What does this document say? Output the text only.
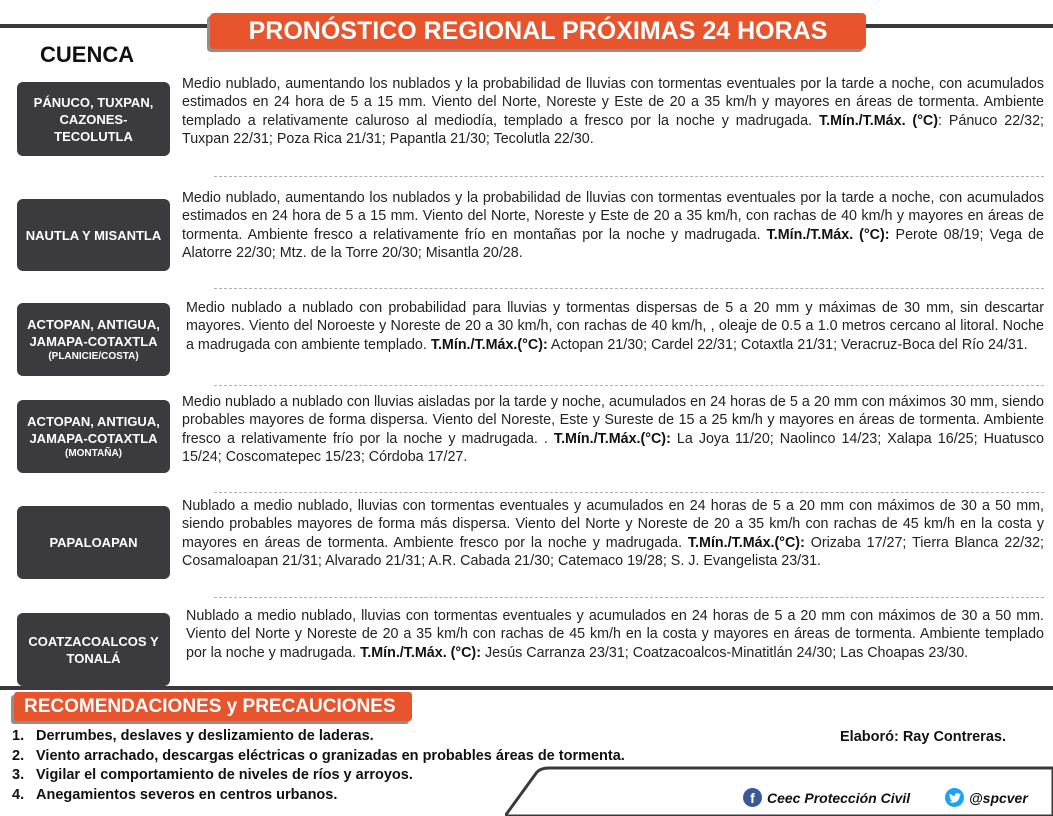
PRONÓSTICO REGIONAL PRÓXIMAS 24 HORAS
CUENCA
PÁNUCO, TUXPAN, CAZONES-TECOLUTLA
Medio nublado, aumentando los nublados y la probabilidad de lluvias con tormentas eventuales por la tarde a noche, con acumulados estimados en 24 hora de 5 a 15 mm. Viento del Norte, Noreste y Este de 20 a 35 km/h y mayores en áreas de tormenta. Ambiente templado a relativamente caluroso al mediodía, templado a fresco por la noche y madrugada. T.Mín./T.Máx. (°C): Pánuco 22/32; Tuxpan 22/31; Poza Rica 21/31; Papantla 21/30; Tecolutla 22/30.
NAUTLA Y MISANTLA
Medio nublado, aumentando los nublados y la probabilidad de lluvias con tormentas eventuales por la tarde a noche, con acumulados estimados en 24 hora de 5 a 15 mm. Viento del Norte, Noreste y Este de 20 a 35 km/h, con rachas de 40 km/h y mayores en áreas de tormenta. Ambiente fresco a relativamente frío en montañas por la noche y madrugada. T.Mín./T.Máx. (°C): Perote 08/19; Vega de Alatorre 22/30; Mtz. de la Torre 20/30; Misantla 20/28.
ACTOPAN, ANTIGUA, JAMAPA-COTAXTLA
(PLANICIE/COSTA)
Medio nublado a nublado con probabilidad para lluvias y tormentas dispersas de 5 a 20 mm y máximas de 30 mm, sin descartar mayores. Viento del Noroeste y Noreste de 20 a 30 km/h, con rachas de 40 km/h, , oleaje de 0.5 a 1.0 metros cercano al litoral. Noche a madrugada con ambiente templado. T.Mín./T.Máx.(°C): Actopan 21/30; Cardel 22/31; Cotaxtla 21/31; Veracruz-Boca del Río 24/31.
ACTOPAN, ANTIGUA, JAMAPA-COTAXTLA
(MONTAÑA)
Medio nublado a nublado con lluvias aisladas por la tarde y noche, acumulados en 24 horas de 5 a 20 mm con máximos 30 mm, siendo probables mayores de forma dispersa. Viento del Noreste, Este y Sureste de 15 a 25 km/h y mayores en áreas de tormenta. Ambiente fresco a relativamente frío por la noche y madrugada. . T.Mín./T.Máx.(°C): La Joya 11/20; Naolinco 14/23; Xalapa 16/25; Huatusco 15/24; Coscomatepec 15/23; Córdoba 17/27.
PAPALOAPAN
Nublado a medio nublado, lluvias con tormentas eventuales y acumulados en 24 horas de 5 a 20 mm con máximos de 30 a 50 mm, siendo probables mayores de forma más dispersa. Viento del Norte y Noreste de 20 a 35 km/h con rachas de 45 km/h en la costa y mayores en áreas de tormenta. Ambiente fresco por la noche y madrugada. T.Mín./T.Máx.(°C): Orizaba 17/27; Tierra Blanca 22/32; Cosamaloapan 21/31; Alvarado 21/31; A.R. Cabada 21/30; Catemaco 19/28; S. J. Evangelista 23/31.
COATZACOALCOS Y TONALÁ
Nublado a medio nublado, lluvias con tormentas eventuales y acumulados en 24 horas de 5 a 20 mm con máximos de 30 a 50 mm. Viento del Norte y Noreste de 20 a 35 km/h con rachas de 45 km/h en la costa y mayores en áreas de tormenta. Ambiente templado por la noche y madrugada. T.Mín./T.Máx. (°C): Jesús Carranza 23/31; Coatzacoalcos-Minatitlán 24/30; Las Choapas 23/30.
RECOMENDACIONES y PRECAUCIONES
1. Derrumbes, deslaves y deslizamiento de laderas.
2. Viento arrachado, descargas eléctricas o granizadas en probables áreas de tormenta.
3. Vigilar el comportamiento de niveles de ríos y arroyos.
4. Anegamientos severos en centros urbanos.
Elaboró: Ray Contreras.
f Ceec Protección Civil	@spcver
